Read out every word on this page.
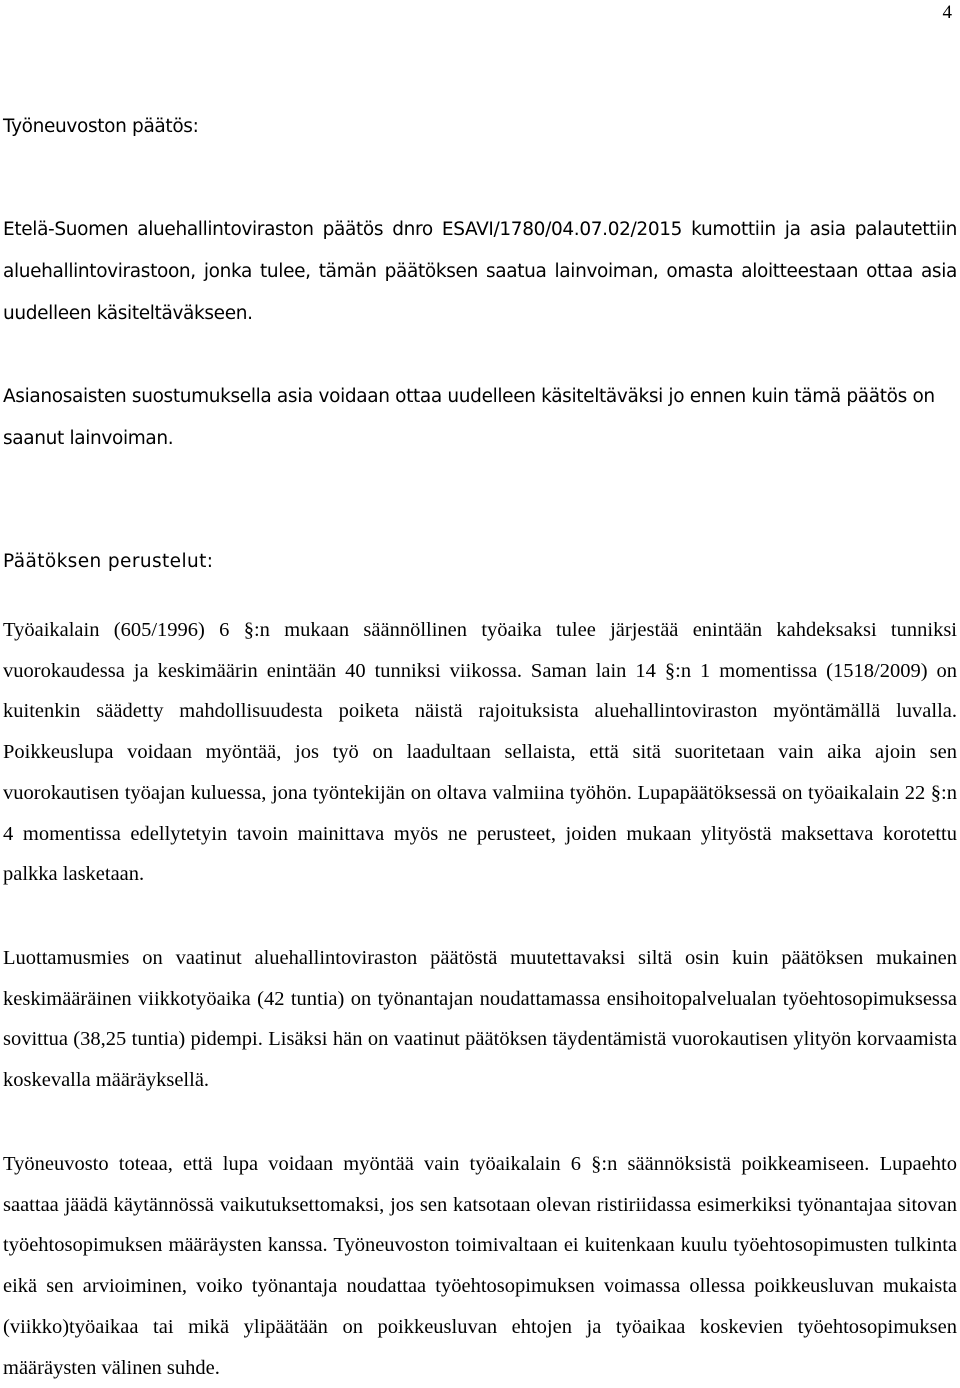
4

Työneuvoston päätös:

Etelä-Suomen aluehallintoviraston päätös dnro ESAVI/1780/04.07.02/2015 kumottiin ja asia palautettiin aluehallintovirastoon, jonka tulee, tämän päätöksen saatua lainvoiman, omasta aloitteestaan ottaa asia uudelleen käsiteltäväkseen.

Asianosaisten suostumuksella asia voidaan ottaa uudelleen käsiteltäväksi jo ennen kuin tämä päätös on saanut lainvoiman.

Päätöksen perustelut:

Työaikalain (605/1996) 6 §:n mukaan säännöllinen työaika tulee järjestää enintään kahdeksaksi tunniksi vuorokaudessa ja keskimäärin enintään 40 tunniksi viikossa. Saman lain 14 §:n 1 momentissa (1518/2009) on kuitenkin säädetty mahdollisuudesta poiketa näistä rajoituksista aluehallintoviraston myöntämällä luvalla. Poikkeuslupa voidaan myöntää, jos työ on laadultaan sellaista, että sitä suoritetaan vain aika ajoin sen vuorokautisen työajan kuluessa, jona työntekijän on oltava valmiina työhön. Lupapäätöksessä on työaikalain 22 §:n 4 momentissa edellytetyin tavoin mainittava myös ne perusteet, joiden mukaan ylityöstä maksettava korotettu palkka lasketaan.

Luottamusmies on vaatinut aluehallintoviraston päätöstä muutettavaksi siltä osin kuin päätöksen mukainen keskimääräinen viikkotyöaika (42 tuntia) on työnantajan noudattamassa ensihoitopalvelualan työehtosopimuksessa sovittua (38,25 tuntia) pidempi. Lisäksi hän on vaatinut päätöksen täydentämistä vuorokautisen ylityön korvaamista koskevalla määräyksellä.

Työneuvosto toteaa, että lupa voidaan myöntää vain työaikalain 6 §:n säännöksistä poikkeamiseen. Lupaehto saattaa jäädä käytännössä vaikutuksettomaksi, jos sen katsotaan olevan ristiriidassa esimerkiksi työnantajaa sitovan työehtosopimuksen määräysten kanssa. Työneuvoston toimivaltaan ei kuitenkaan kuulu työehtosopimusten tulkinta eikä sen arvioiminen, voiko työnantaja noudattaa työehtosopimuksen voimassa ollessa poikkeusluvan mukaista (viikko)työaikaa tai mikä ylipäätään on poikkeusluvan ehtojen ja työaikaa koskevien työehtosopimuksen määräysten välinen suhde.
